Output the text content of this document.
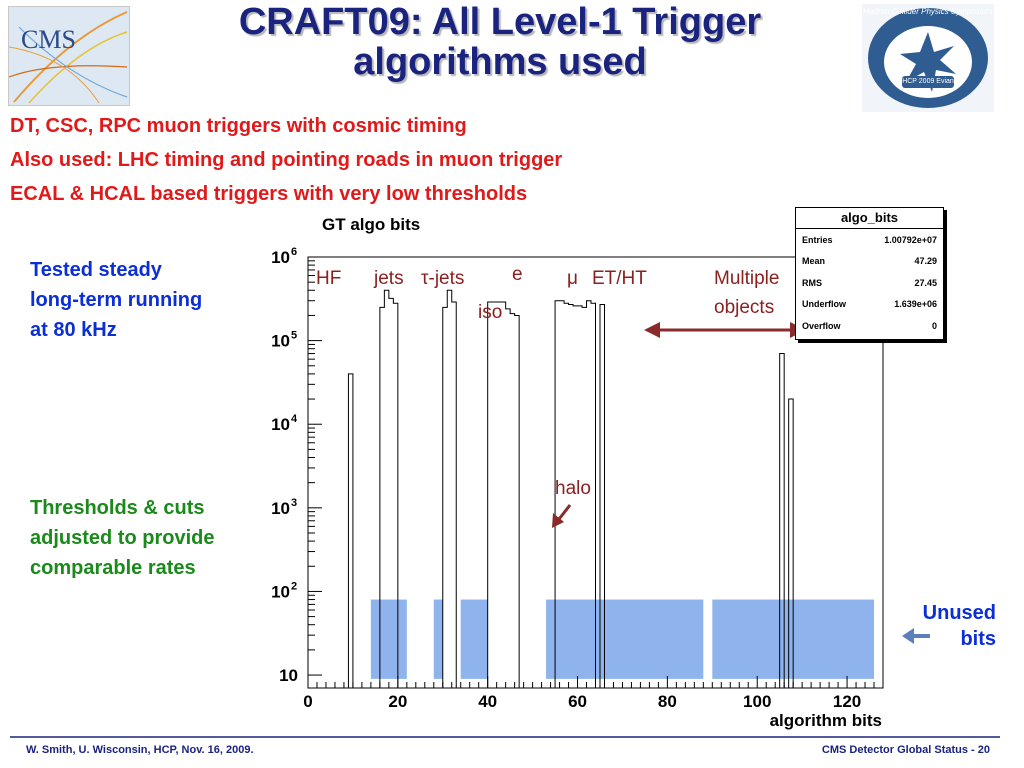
CMS
Hadron Collider Physics Symposium
HCP 2009 Evian
CRAFT09: All Level-1 Trigger
algorithms used
DT, CSC, RPC muon triggers with cosmic timing
Also used: LHC timing and pointing roads in muon trigger
ECAL & HCAL based triggers with very low thresholds
Tested steady
long-term running
at 80 kHz
Thresholds & cuts
adjusted to provide
comparable rates
Unused
bits
0	20	40	60	80	100	120
10
10 2
10 3
10 4
10 5
10 6
GT algo bits
algorithm bits
HF jets τ-jets	e
iso
μ ET/HT	Multiple
objects
halo
algo_bits
Entries	1.00792e+07
Mean	47.29
RMS	27.45
Underflow	1.639e+06
Overflow	0
W. Smith, U. Wisconsin, HCP, Nov. 16, 2009.	CMS Detector Global Status - 20
